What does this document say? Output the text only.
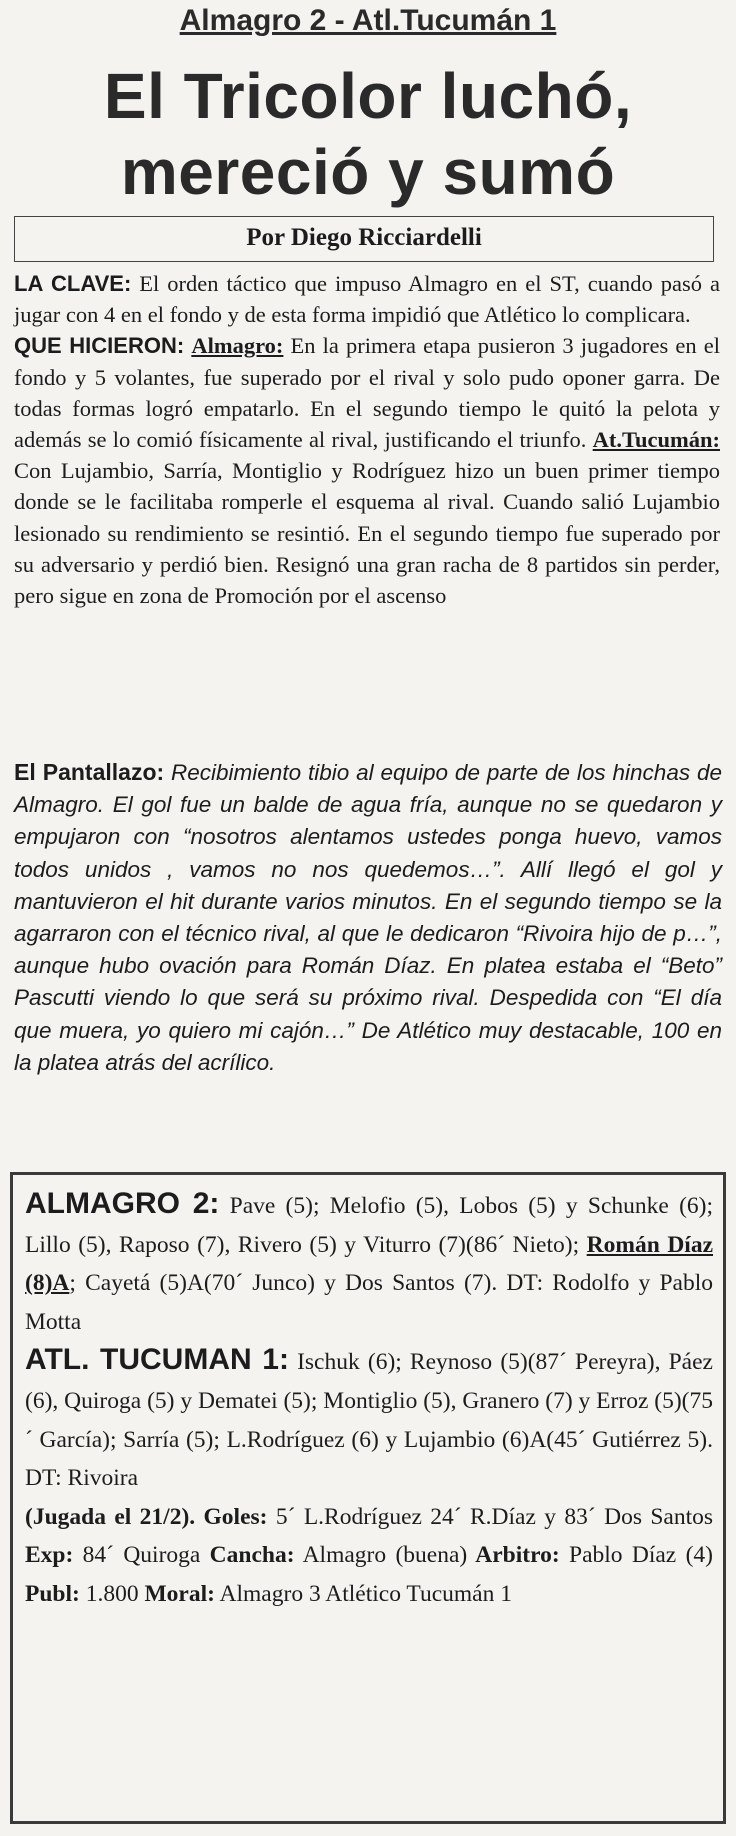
Almagro 2 - Atl.Tucumán 1
El Tricolor luchó,
mereció y sumó
Por Diego Ricciardelli

LA CLAVE: El orden táctico que impuso Almagro en el ST, cuando pasó a jugar con 4 en el fondo y de esta forma impidió que Atlético lo complicara.

QUE HICIERON: Almagro: En la primera etapa pusieron 3 jugadores en el fondo y 5 volantes, fue superado por el rival y solo pudo oponer garra. De todas formas logró empatarlo. En el segundo tiempo le quitó la pelota y además se lo comió físicamente al rival, justificando el triunfo. At.Tucumán: Con Lujambio, Sarría, Montiglio y Rodríguez hizo un buen primer tiempo donde se le facilitaba romperle el esquema al rival. Cuando salió Lujambio lesionado su rendimiento se resintió. En el segundo tiempo fue superado por su adversario y perdió bien. Resignó una gran racha de 8 partidos sin perder, pero sigue en zona de Promoción por el ascenso

El Pantallazo: Recibimiento tibio al equipo de parte de los hinchas de Almagro. El gol fue un balde de agua fría, aunque no se quedaron y empujaron con “nosotros alentamos ustedes ponga huevo, vamos todos unidos , vamos no nos quedemos…”. Allí llegó el gol y mantuvieron el hit durante varios minutos. En el segundo tiempo se la agarraron con el técnico rival, al que le dedicaron “Rivoira hijo de p…”, aunque hubo ovación para Román Díaz. En platea estaba el “Beto” Pascutti viendo lo que será su próximo rival. Despedida con “El día que muera, yo quiero mi cajón…” De Atlético muy destacable, 100 en la platea atrás del acrílico.

ALMAGRO 2: Pave (5); Melofio (5), Lobos (5) y Schunke (6); Lillo (5), Raposo (7), Rivero (5) y Viturro (7)(86´ Nieto); Román Díaz (8)A; Cayetá (5)A(70´ Junco) y Dos Santos (7). DT: Rodolfo y Pablo Motta

ATL. TUCUMAN 1: Ischuk (6); Reynoso (5)(87´ Pereyra), Páez (6), Quiroga (5) y Dematei (5); Montiglio (5), Granero (7) y Erroz (5)(75´ García); Sarría (5); L.Rodríguez (6) y Lujambio (6)A(45´ Gutiérrez 5). DT: Rivoira

(Jugada el 21/2). Goles: 5´ L.Rodríguez 24´ R.Díaz y 83´ Dos Santos Exp: 84´ Quiroga Cancha: Almagro (buena) Arbitro: Pablo Díaz (4) Publ: 1.800 Moral: Almagro 3 Atlético Tucumán 1
